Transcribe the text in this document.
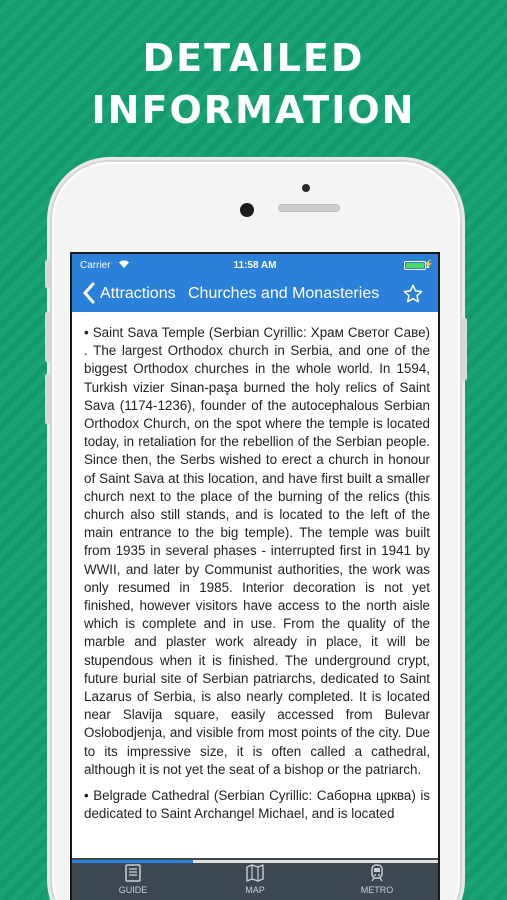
DETAILED
INFORMATION
Carrier	11:58 AM	⚡
Attractions Churches and Monasteries

• Saint Sava Temple (Serbian Cyrillic: Храм Светог Саве) . The largest Orthodox church in Serbia, and one of the biggest Orthodox churches in the whole world. In 1594, Turkish vizier Sinan-paşa burned the holy relics of Saint Sava (1174-1236), founder of the autocephalous Serbian Orthodox Church, on the spot where the temple is located today, in retaliation for the rebellion of the Serbian people. Since then, the Serbs wished to erect a church in honour of Saint Sava at this location, and have first built a smaller church next to the place of the burning of the relics (this church also still stands, and is located to the left of the main entrance to the big temple). The temple was built from 1935 in several phases - interrupted first in 1941 by WWII, and later by Communist authorities, the work was only resumed in 1985. Interior decoration is not yet finished, however visitors have access to the north aisle which is complete and in use. From the quality of the marble and plaster work already in place, it will be stupendous when it is finished. The underground crypt, future burial site of Serbian patriarchs, dedicated to Saint Lazarus of Serbia, is also nearly completed. It is located near Slavija square, easily accessed from Bulevar Oslobodjenja, and visible from most points of the city. Due to its impressive size, it is often called a cathedral, although it is not yet the seat of a bishop or the patriarch.

• Belgrade Cathedral (Serbian Cyrillic: Саборна црква) is dedicated to Saint Archangel Michael, and is located

GUIDE	MAP	METRO
